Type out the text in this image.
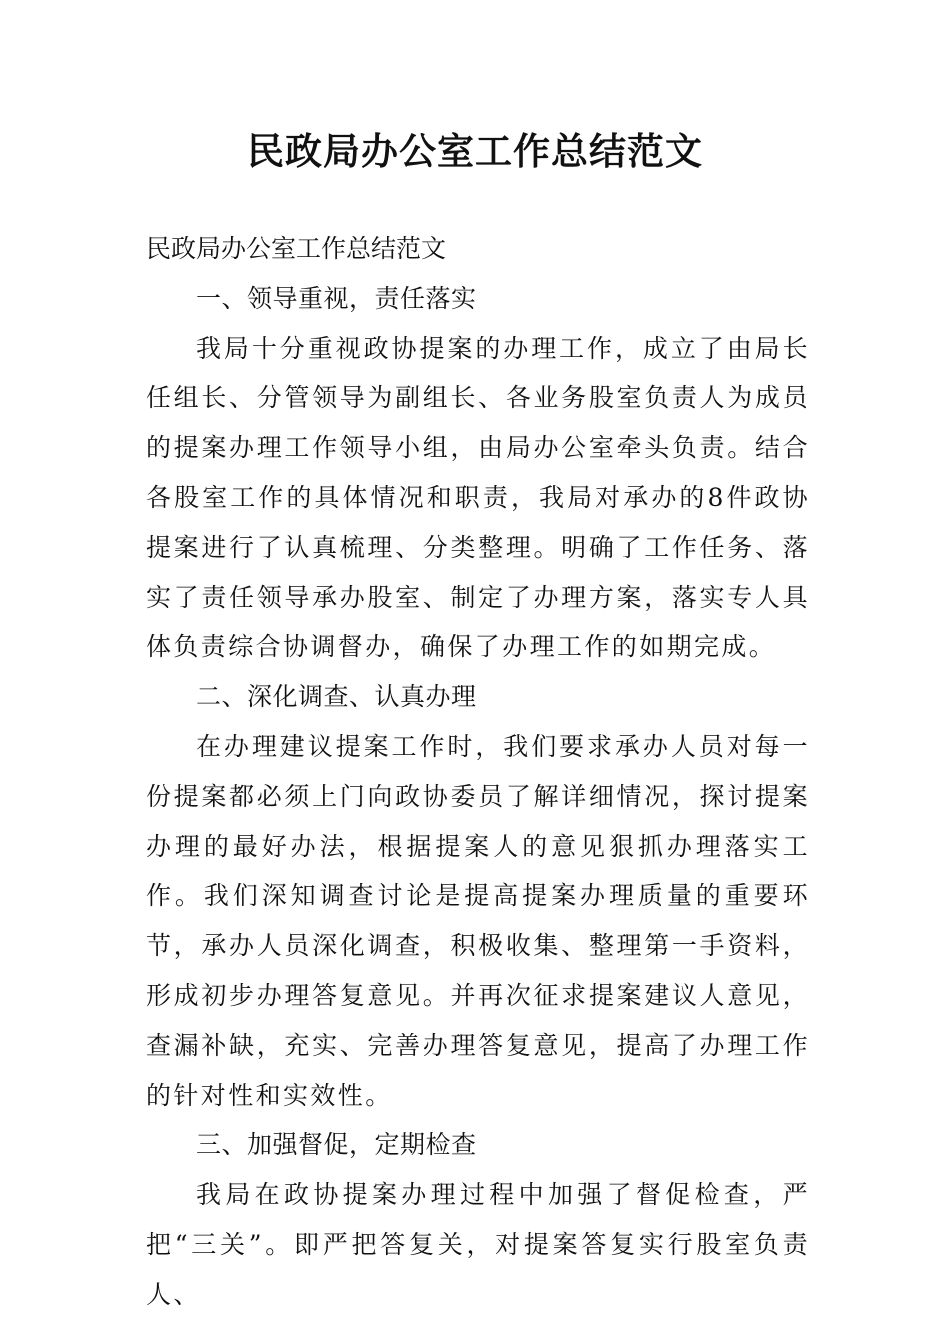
民政局办公室工作总结范文

民政局办公室工作总结范文

一、领导重视，责任落实

我局十分重视政协提案的办理工作，成立了由局长任组长、分管领导为副组长、各业务股室负责人为成员的提案办理工作领导小组，由局办公室牵头负责。结合各股室工作的具体情况和职责，我局对承办的8件政协提案进行了认真梳理、分类整理。明确了工作任务、落实了责任领导承办股室、制定了办理方案，落实专人具体负责综合协调督办，确保了办理工作的如期完成。

二、深化调查、认真办理

在办理建议提案工作时，我们要求承办人员对每一份提案都必须上门向政协委员了解详细情况，探讨提案办理的最好办法，根据提案人的意见狠抓办理落实工作。我们深知调查讨论是提高提案办理质量的重要环节，承办人员深化调查，积极收集、整理第一手资料，形成初步办理答复意见。并再次征求提案建议人意见，查漏补缺，充实、完善办理答复意见，提高了办理工作的针对性和实效性。

三、加强督促，定期检查

我局在政协提案办理过程中加强了督促检查，严把“三关”。即严把答复关，对提案答复实行股室负责人、
